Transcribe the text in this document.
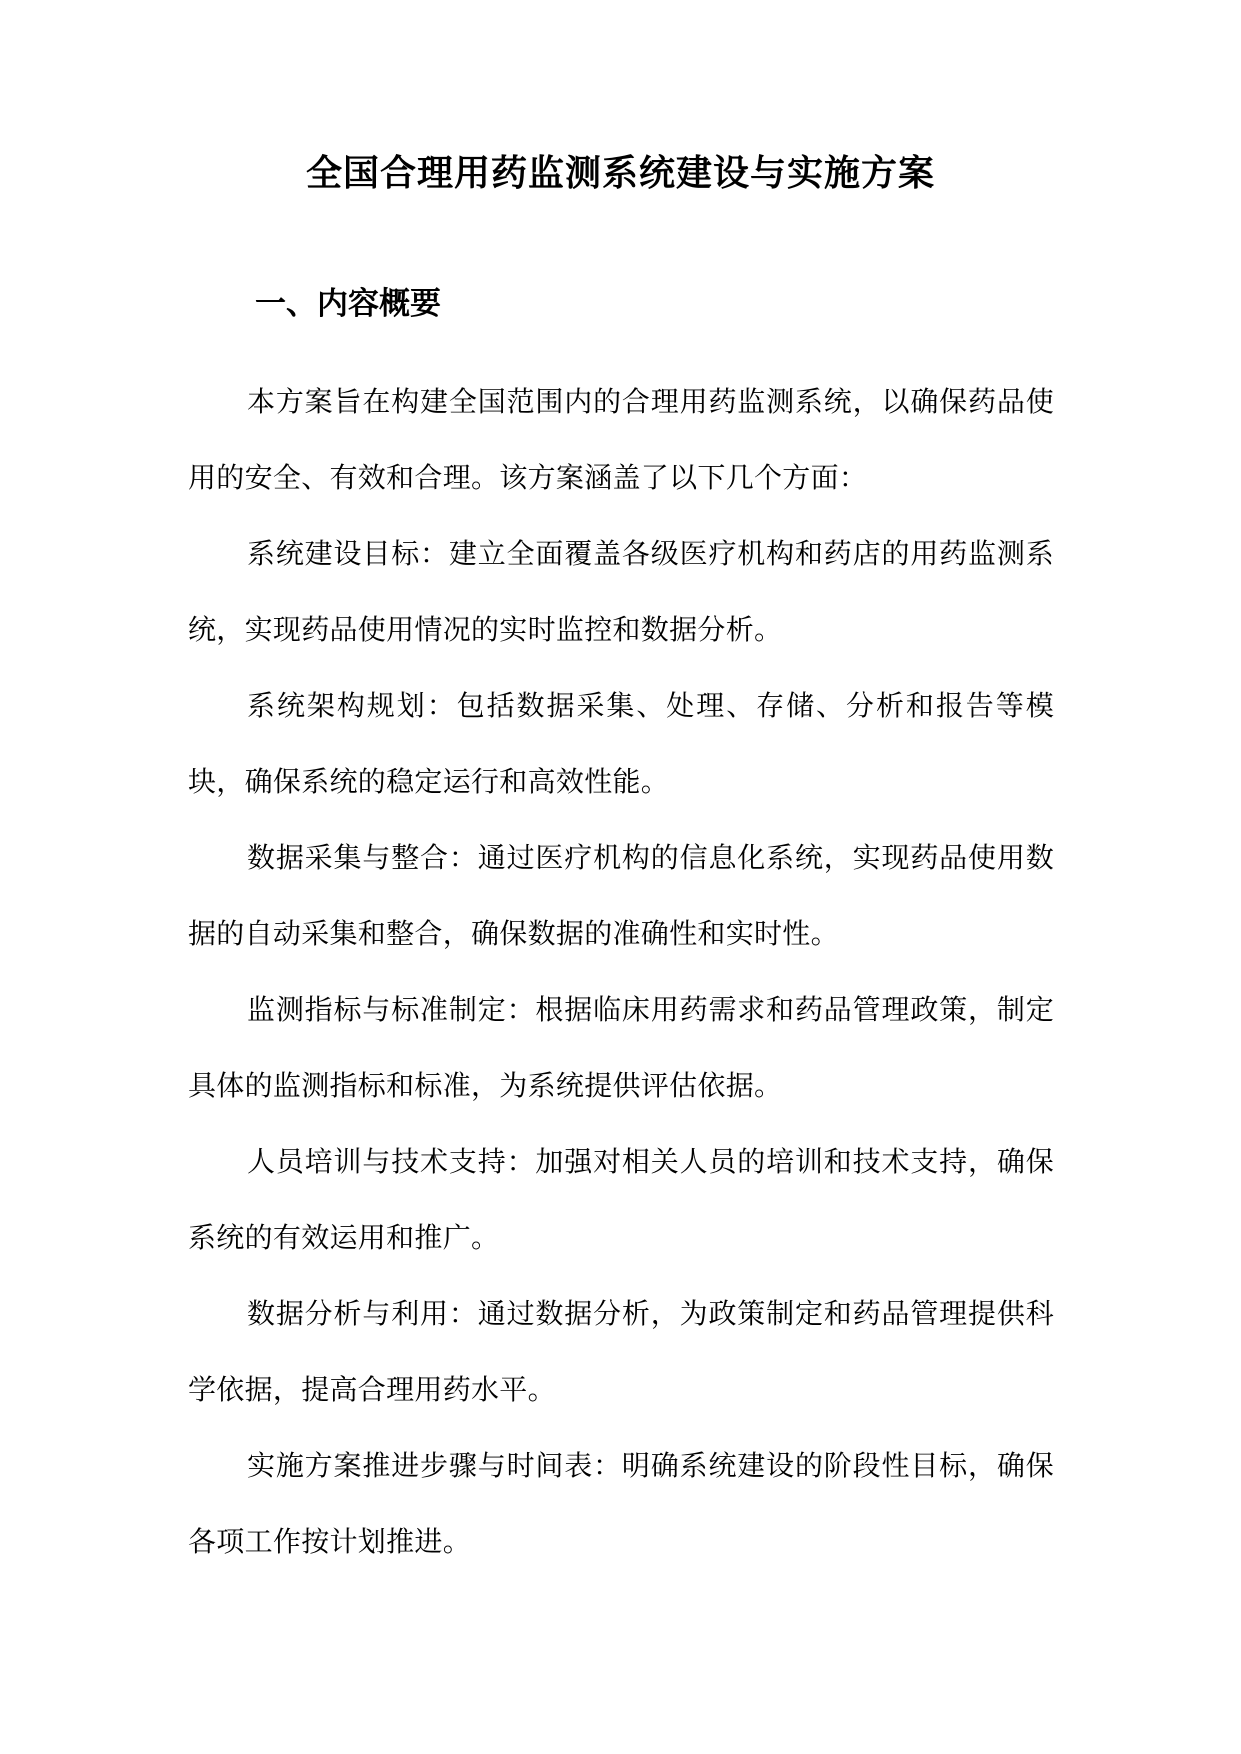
全国合理用药监测系统建设与实施方案
一、内容概要

本方案旨在构建全国范围内的合理用药监测系统，以确保药品使用的安全、有效和合理。该方案涵盖了以下几个方面：

系统建设目标：建立全面覆盖各级医疗机构和药店的用药监测系统，实现药品使用情况的实时监控和数据分析。

系统架构规划：包括数据采集、处理、存储、分析和报告等模块，确保系统的稳定运行和高效性能。

数据采集与整合：通过医疗机构的信息化系统，实现药品使用数据的自动采集和整合，确保数据的准确性和实时性。

监测指标与标准制定：根据临床用药需求和药品管理政策，制定具体的监测指标和标准，为系统提供评估依据。

人员培训与技术支持：加强对相关人员的培训和技术支持，确保系统的有效运用和推广。

数据分析与利用：通过数据分析，为政策制定和药品管理提供科学依据，提高合理用药水平。

实施方案推进步骤与时间表：明确系统建设的阶段性目标，确保各项工作按计划推进。
